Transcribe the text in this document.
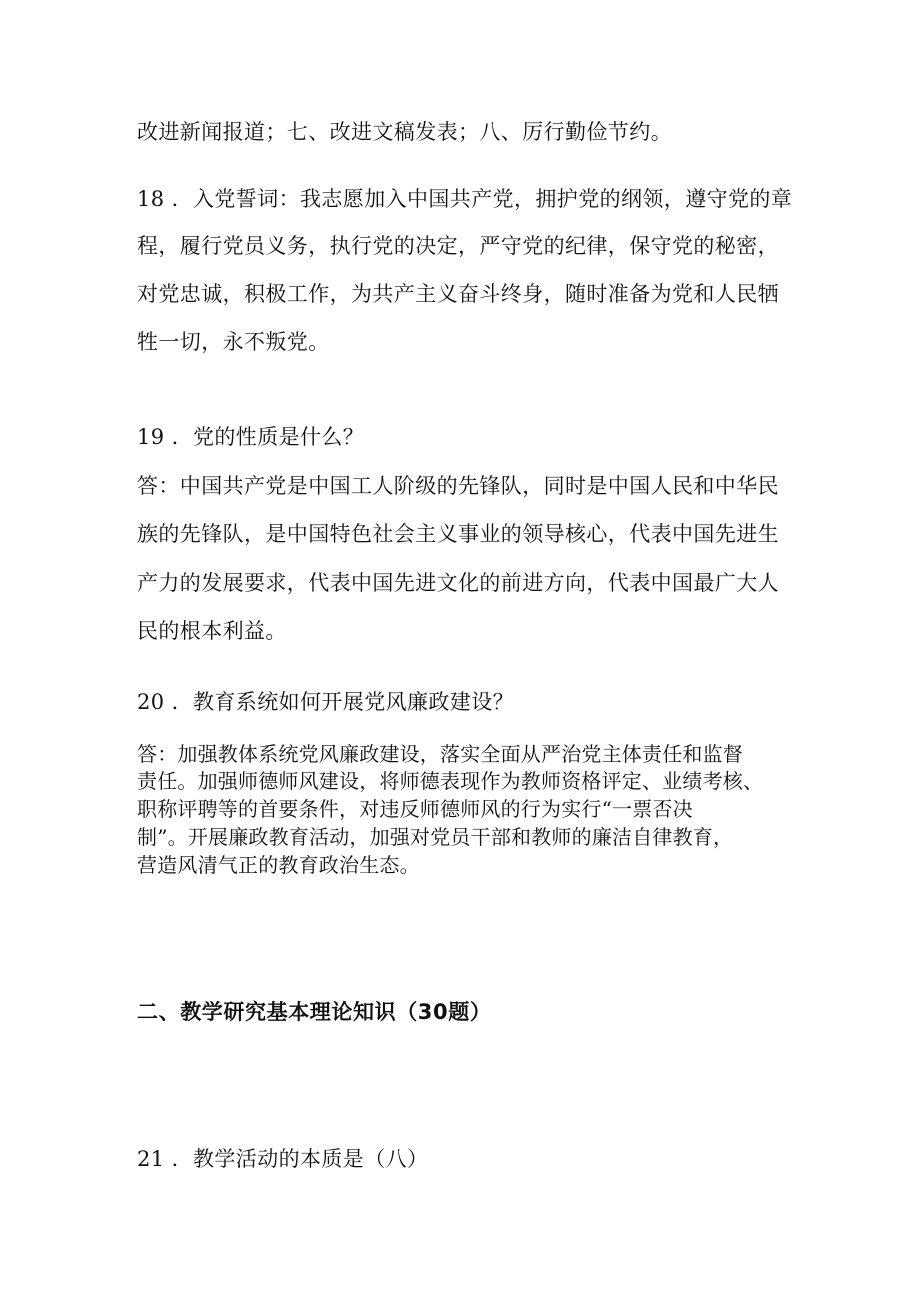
改进新闻报道；七、改进文稿发表；八、厉行勤俭节约。
18 ．入党誓词：我志愿加入中国共产党，拥护党的纲领，遵守党的章
程，履行党员义务，执行党的决定，严守党的纪律，保守党的秘密，
对党忠诚，积极工作，为共产主义奋斗终身，随时准备为党和人民牺
牲一切，永不叛党。
19 ．党的性质是什么？
答：中国共产党是中国工人阶级的先锋队，同时是中国人民和中华民
族的先锋队，是中国特色社会主义事业的领导核心，代表中国先进生
产力的发展要求，代表中国先进文化的前进方向，代表中国最广大人
民的根本利益。
20 ．教育系统如何开展党风廉政建设？
答：加强教体系统党风廉政建设，落实全面从严治党主体责任和监督
责任。加强师德师风建设，将师德表现作为教师资格评定、业绩考核、
职称评聘等的首要条件，对违反师德师风的行为实行“一票否决
制”。开展廉政教育活动，加强对党员干部和教师的廉洁自律教育，
营造风清气正的教育政治生态。
二、教学研究基本理论知识（30题）
21 ．教学活动的本质是（八）
